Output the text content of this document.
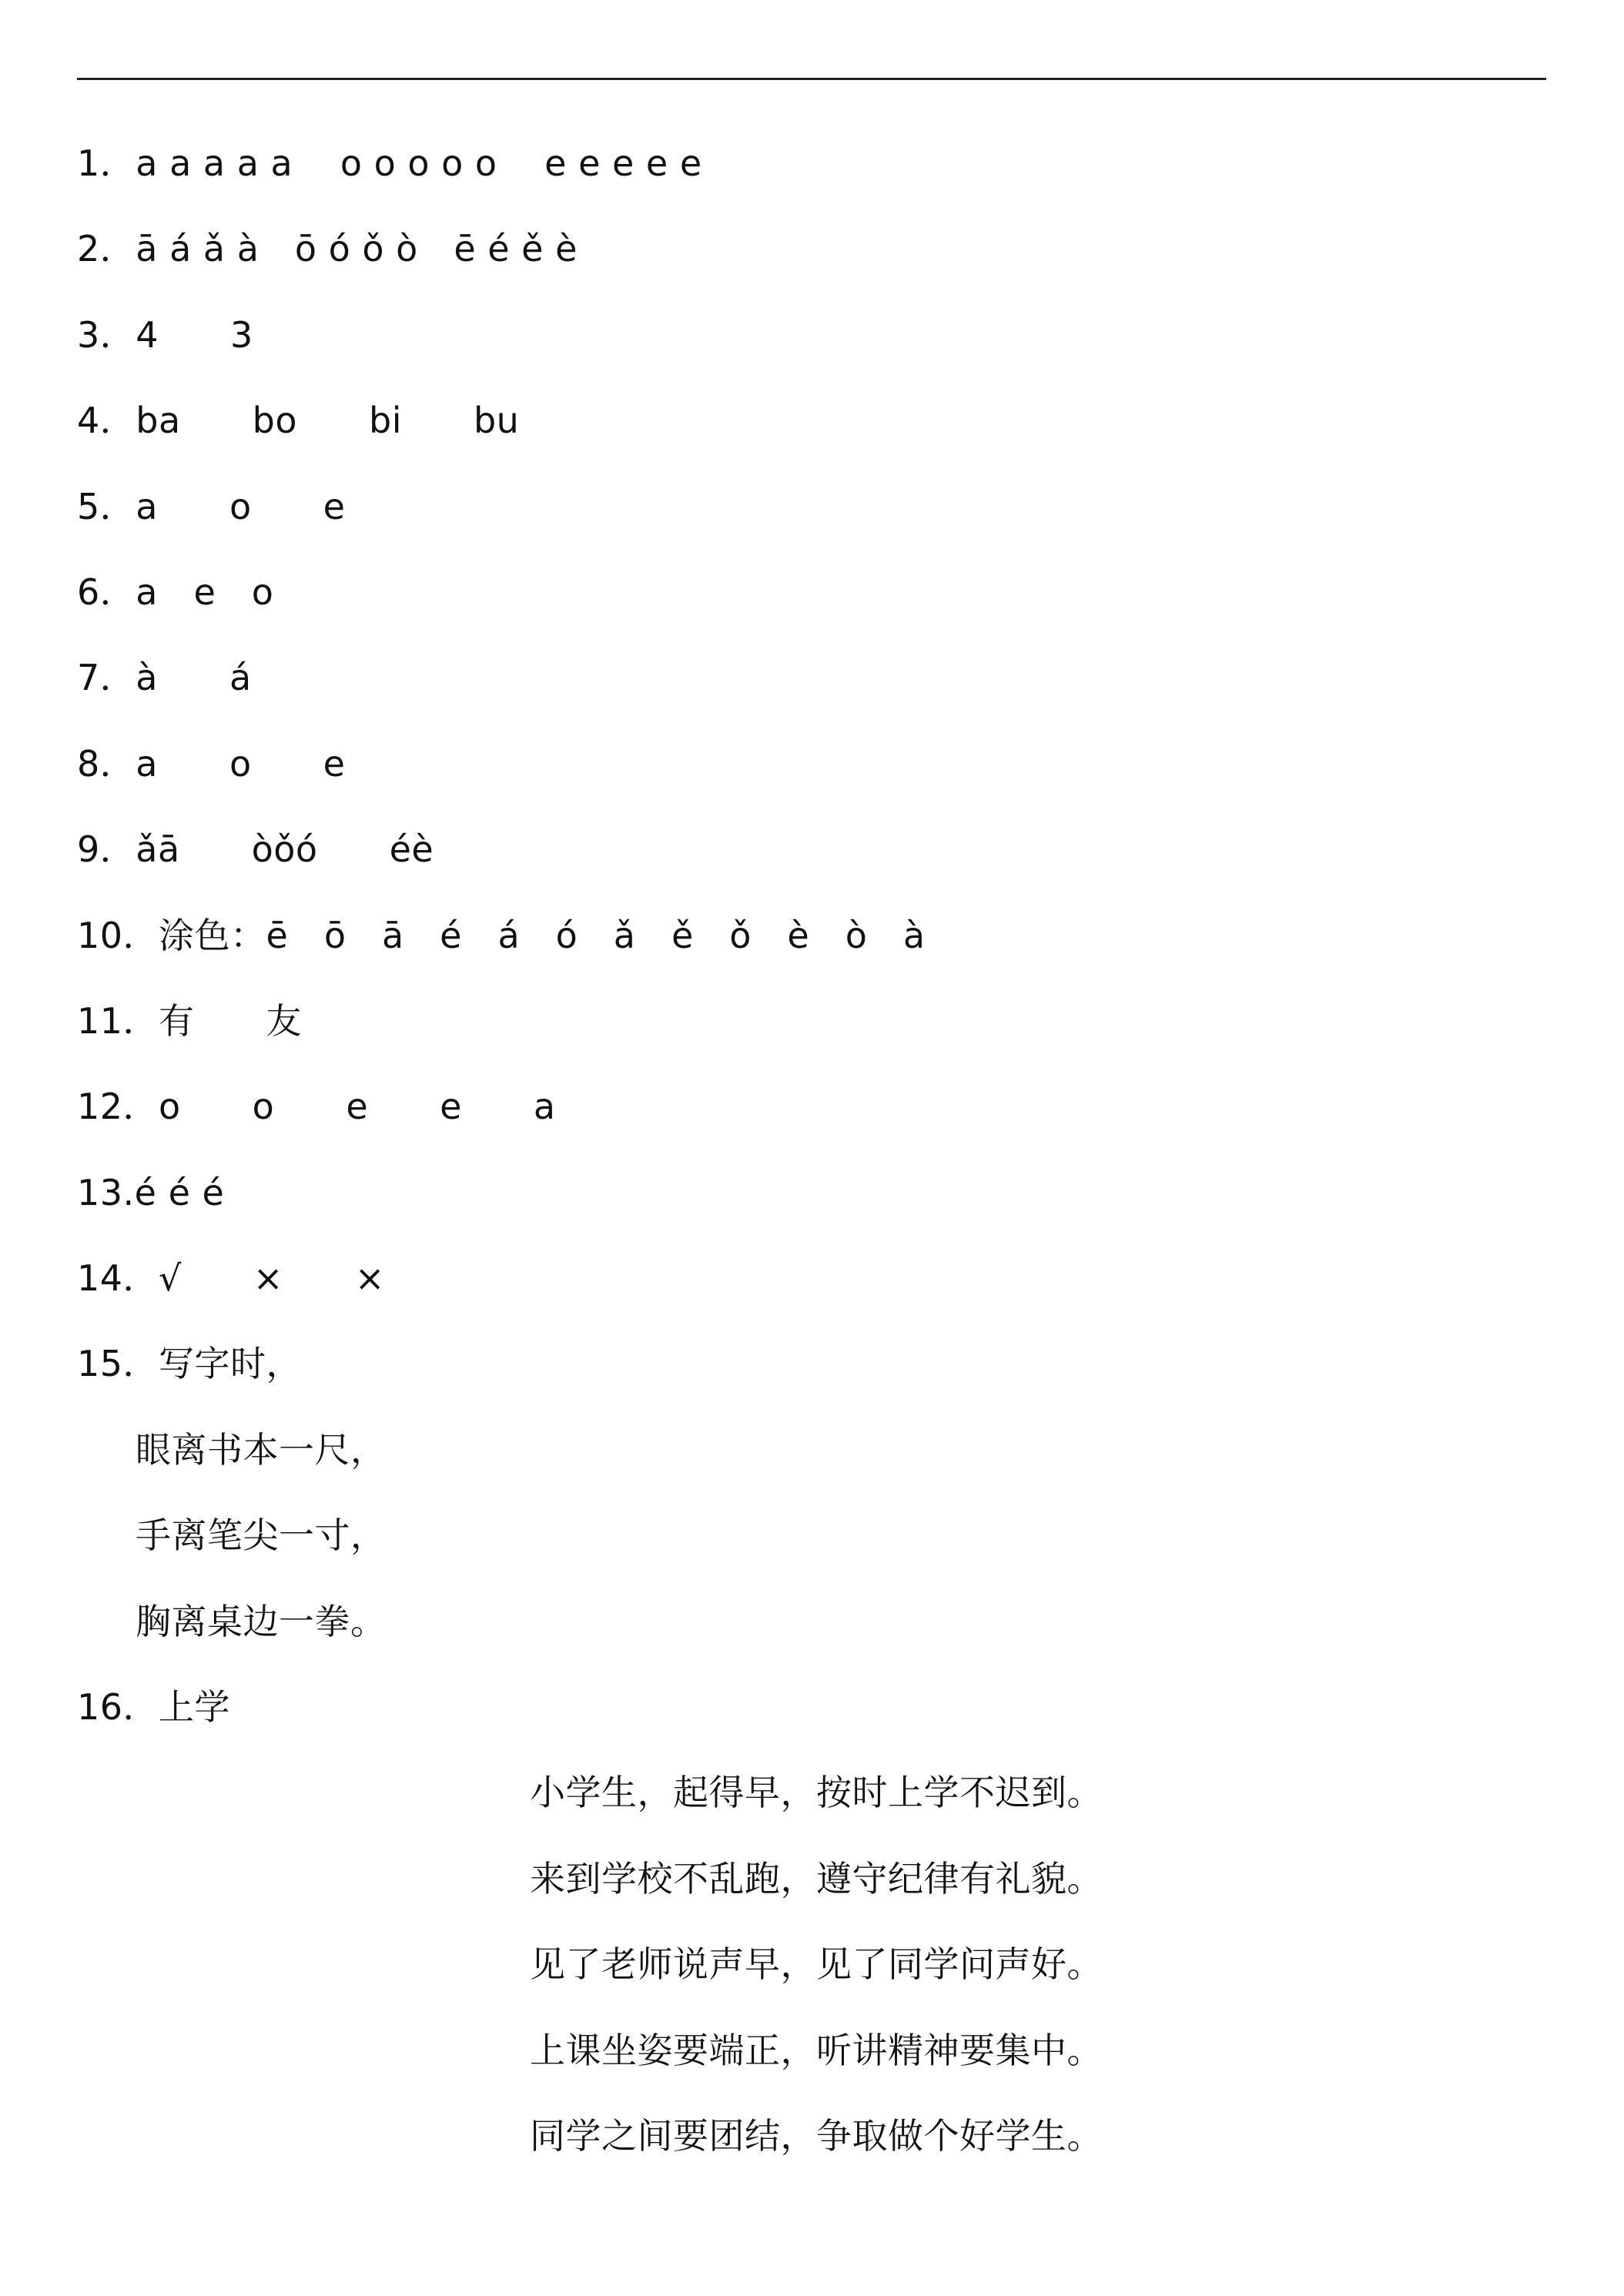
1．a a a a a　 o o o o o　 e e e e e
2．ā á ǎ à　ō ó ǒ ò　ē é ě è
3．4　　3
4．ba　　bo　　bi　　bu
5．a　　o　　e
6．a　e　o
7．à　　á
8．a　　o　　e
9．ǎā　　òǒó　　éè
10．涂色：ē　ō　ā　é　á　ó　ǎ　ě　ǒ　è　ò　à
11．有　　友
12．o　　o　　e　　e　　a
13.é é é
14．√　　×　　×
15．写字时，
眼离书本一尺，
手离笔尖一寸，
胸离桌边一拳。
16．上学
小学生，起得早，按时上学不迟到。
来到学校不乱跑，遵守纪律有礼貌。
见了老师说声早，见了同学问声好。
上课坐姿要端正，听讲精神要集中。
同学之间要团结，争取做个好学生。
